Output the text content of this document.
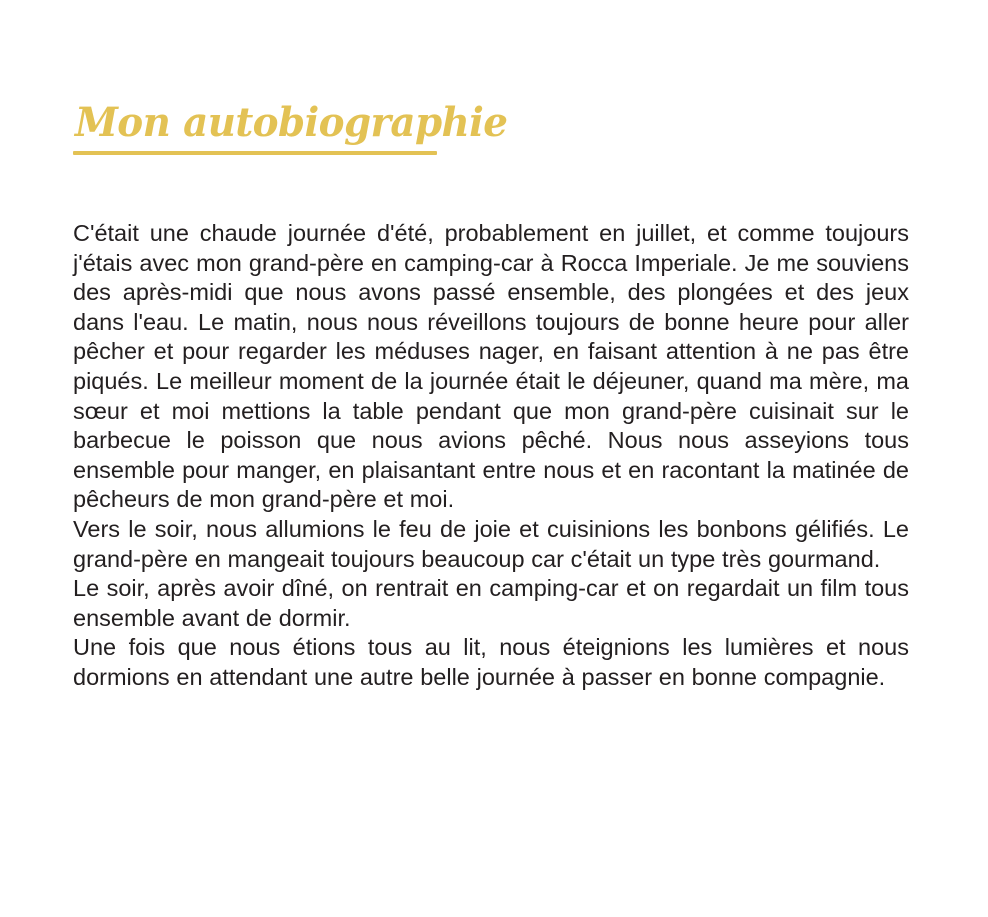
Mon autobiographie

C'était une chaude journée d'été, probablement en juillet, et comme toujours j'étais avec mon grand-père en camping-car à Rocca Imperiale. Je me souviens des après-midi que nous avons passé ensemble, des plongées et des jeux dans l'eau. Le matin, nous nous réveillons toujours de bonne heure pour aller pêcher et pour regarder les méduses nager, en faisant attention à ne pas être piqués. Le meilleur moment de la journée était le déjeuner, quand ma mère, ma sœur et moi mettions la table pendant que mon grand-père cuisinait sur le barbecue le poisson que nous avions pêché. Nous nous asseyions tous ensemble pour manger, en plaisantant entre nous et en racontant la matinée de pêcheurs de mon grand-père et moi.

Vers le soir, nous allumions le feu de joie et cuisinions les bonbons gélifiés. Le grand-père en mangeait toujours beaucoup car c'était un type très gourmand.

Le soir, après avoir dîné, on rentrait en camping-car et on regardait un film tous ensemble avant de dormir.

Une fois que nous étions tous au lit, nous éteignions les lumières et nous dormions en attendant une autre belle journée à passer en bonne compagnie.
